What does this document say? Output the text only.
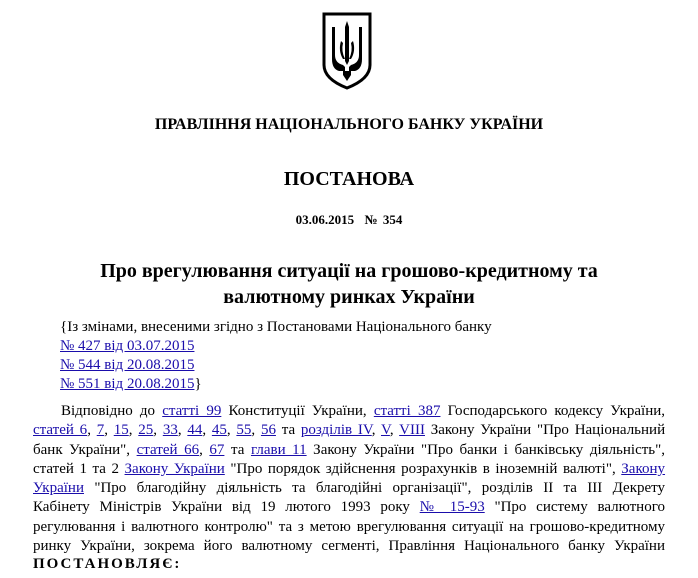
ПРАВЛІННЯ НАЦІОНАЛЬНОГО БАНКУ УКРАЇНИ
ПОСТАНОВА
03.06.2015  № 354
Про врегулювання ситуації на грошово-кредитному та
валютному ринках України
{Із змінами, внесеними згідно з Постановами Національного банку
№ 427 від 03.07.2015
№ 544 від 20.08.2015
№ 551 від 20.08.2015}
Відповідно до статті 99 Конституції України, статті 387 Господарського кодексу України,
статей 6, 7, 15, 25, 33, 44, 45, 55, 56 та розділів IV, V, VIII Закону України "Про Національний
банк України", статей 66, 67 та глави 11 Закону України "Про банки і банківську діяльність",
статей 1 та 2 Закону України "Про порядок здійснення розрахунків в іноземній валюті", Закону
України "Про благодійну діяльність та благодійні організації", розділів II та III Декрету
Кабінету Міністрів України від 19 лютого 1993 року № 15-93 "Про систему валютного
регулювання і валютного контролю" та з метою врегулювання ситуації на грошово-кредитному
ринку України, зокрема його валютному сегменті, Правління Національного банку України
ПОСТАНОВЛЯЄ:
